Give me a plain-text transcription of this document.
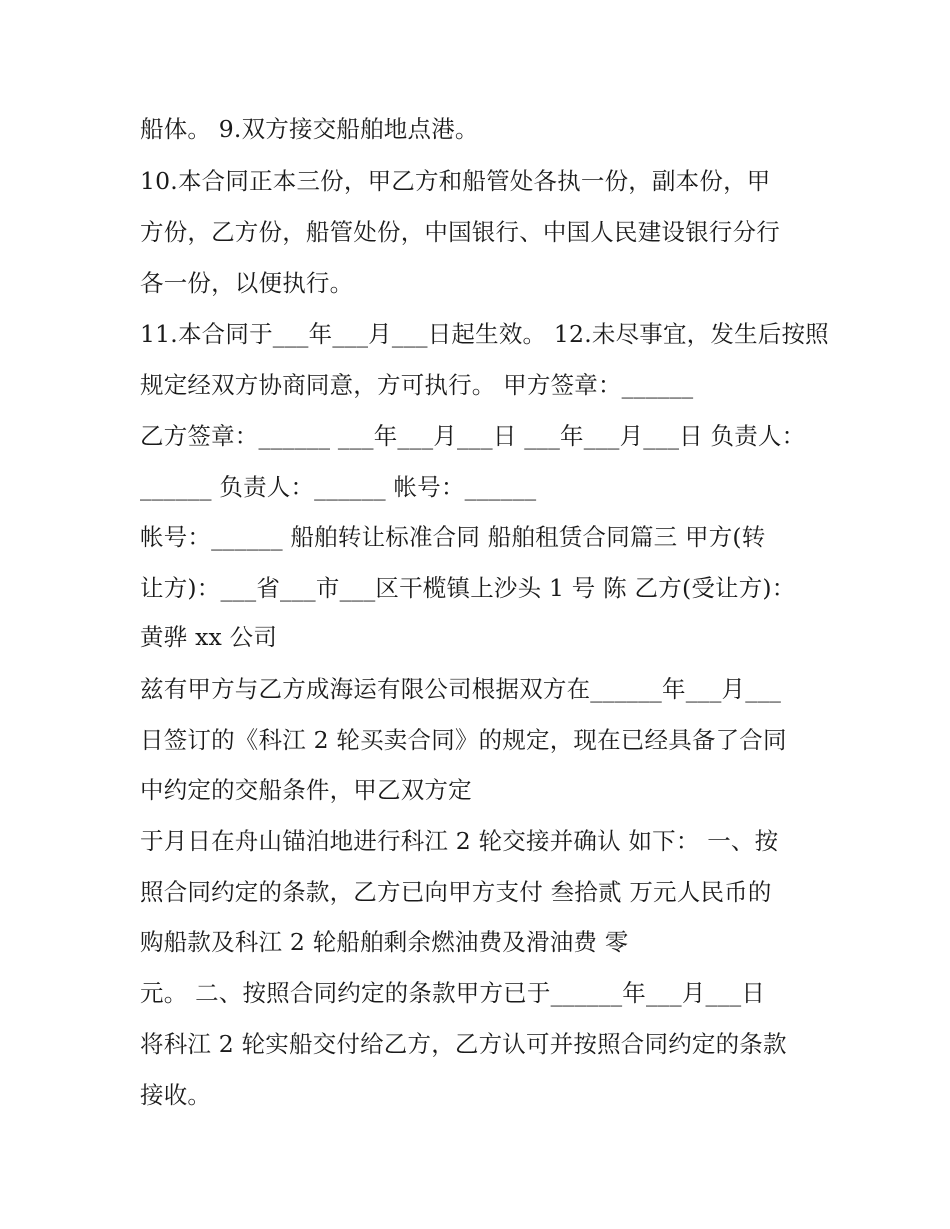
船体。 9.双方接交船舶地点港。
10.本合同正本三份，甲乙方和船管处各执一份，副本份，甲
方份，乙方份，船管处份，中国银行、中国人民建设银行分行
各一份，以便执行。
11.本合同于___年___月___日起生效。 12.未尽事宜，发生后按照
规定经双方协商同意，方可执行。 甲方签章：______
乙方签章：______ ___年___月___日 ___年___月___日 负责人：
______ 负责人：______ 帐号：______
帐号：______ 船舶转让标准合同 船舶租赁合同篇三 甲方(转
让方)：___省___市___区干榄镇上沙头 1 号 陈 乙方(受让方)：
黄骅 xx 公司
兹有甲方与乙方成海运有限公司根据双方在______年___月___
日签订的《科江 2 轮买卖合同》的规定，现在已经具备了合同
中约定的交船条件，甲乙双方定
于月日在舟山锚泊地进行科江 2 轮交接并确认 如下： 一、按
照合同约定的条款，乙方已向甲方支付 叁拾贰 万元人民币的
购船款及科江 2 轮船舶剩余燃油费及滑油费 零
元。 二、按照合同约定的条款甲方已于______年___月___日
将科江 2 轮实船交付给乙方，乙方认可并按照合同约定的条款
接收。
